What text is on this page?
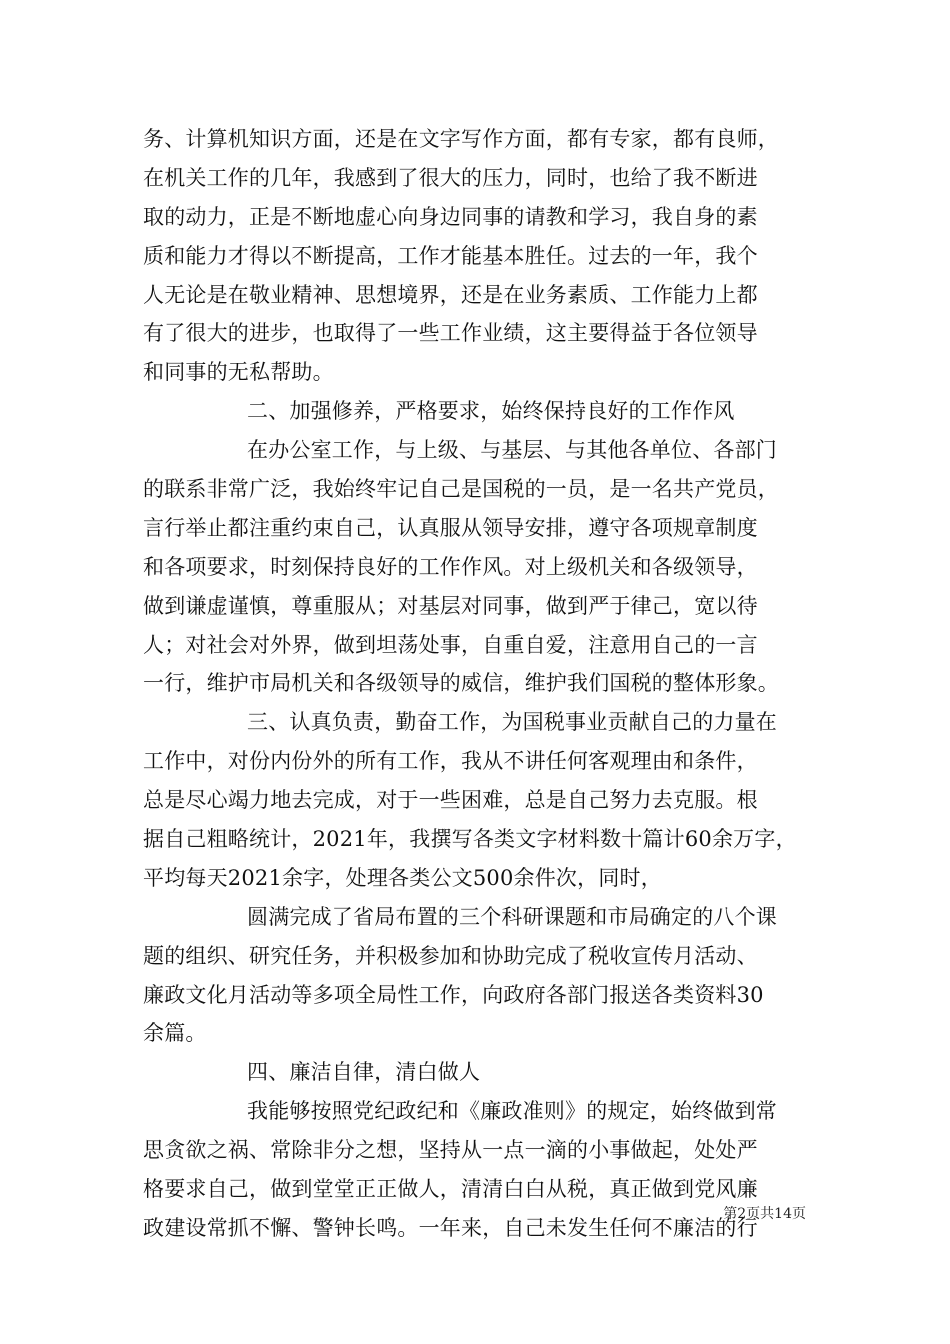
务、计算机知识方面，还是在文字写作方面，都有专家，都有良师，
在机关工作的几年，我感到了很大的压力，同时，也给了我不断进
取的动力，正是不断地虚心向身边同事的请教和学习，我自身的素
质和能力才得以不断提高，工作才能基本胜任。过去的一年，我个
人无论是在敬业精神、思想境界，还是在业务素质、工作能力上都
有了很大的进步，也取得了一些工作业绩，这主要得益于各位领导
和同事的无私帮助。
二、加强修养，严格要求，始终保持良好的工作作风
在办公室工作，与上级、与基层、与其他各单位、各部门
的联系非常广泛，我始终牢记自己是国税的一员，是一名共产党员，
言行举止都注重约束自己，认真服从领导安排，遵守各项规章制度
和各项要求，时刻保持良好的工作作风。对上级机关和各级领导，
做到谦虚谨慎，尊重服从；对基层对同事，做到严于律己，宽以待
人；对社会对外界，做到坦荡处事，自重自爱，注意用自己的一言
一行，维护市局机关和各级领导的威信，维护我们国税的整体形象。
三、认真负责，勤奋工作，为国税事业贡献自己的力量在
工作中，对份内份外的所有工作，我从不讲任何客观理由和条件，
总是尽心竭力地去完成，对于一些困难，总是自己努力去克服。根
据自己粗略统计，2021年，我撰写各类文字材料数十篇计60余万字，
平均每天2021余字，处理各类公文500余件次，同时，
圆满完成了省局布置的三个科研课题和市局确定的八个课
题的组织、研究任务，并积极参加和协助完成了税收宣传月活动、
廉政文化月活动等多项全局性工作，向政府各部门报送各类资料30
余篇。
四、廉洁自律，清白做人
我能够按照党纪政纪和《廉政准则》的规定，始终做到常
思贪欲之祸、常除非分之想，坚持从一点一滴的小事做起，处处严
格要求自己，做到堂堂正正做人，清清白白从税，真正做到党风廉
政建设常抓不懈、警钟长鸣。一年来，自己未发生任何不廉洁的行
第2页共14页
